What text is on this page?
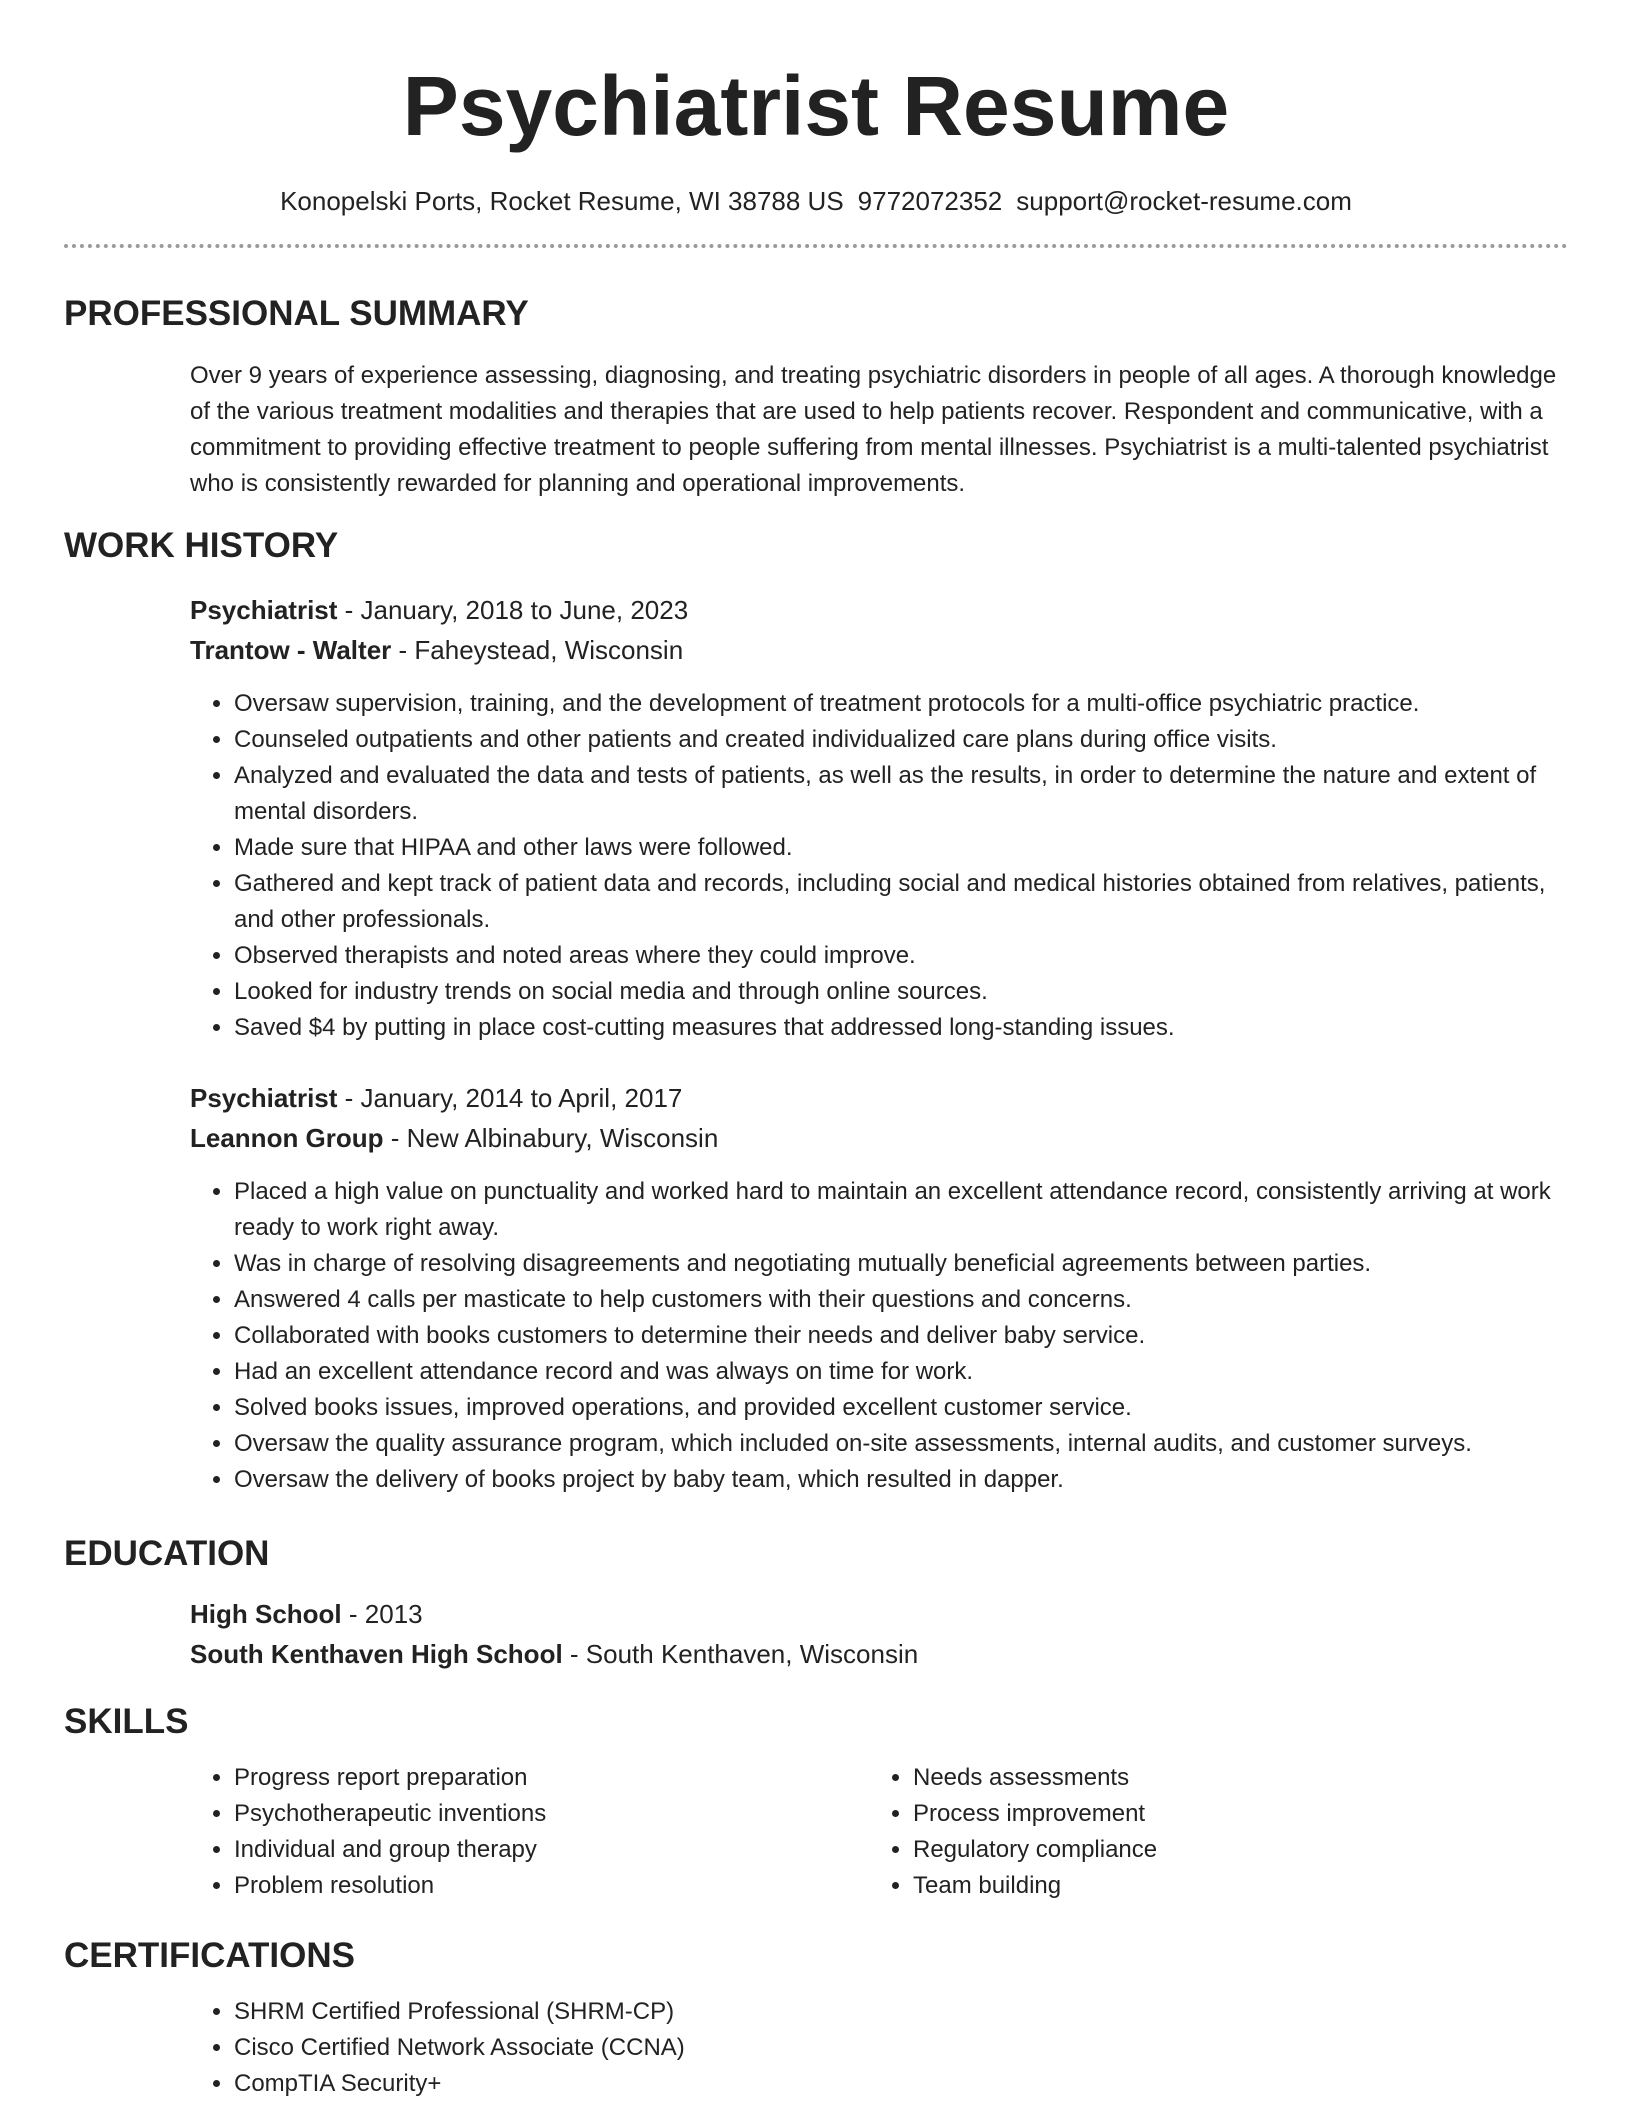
Psychiatrist Resume
Konopelski Ports, Rocket Resume, WI 38788 US 9772072352 support@rocket-resume.com
PROFESSIONAL SUMMARY

Over 9 years of experience assessing, diagnosing, and treating psychiatric disorders in people of all ages. A thorough knowledge of the various treatment modalities and therapies that are used to help patients recover. Respondent and communicative, with a commitment to providing effective treatment to people suffering from mental illnesses. Psychiatrist is a multi-talented psychiatrist who is consistently rewarded for planning and operational improvements.

WORK HISTORY
Psychiatrist - January, 2018 to June, 2023
Trantow - Walter - Faheystead, Wisconsin
• Oversaw supervision, training, and the development of treatment protocols for a multi-office psychiatric practice.
• Counseled outpatients and other patients and created individualized care plans during office visits.
• Analyzed and evaluated the data and tests of patients, as well as the results, in order to determine the nature and extent of mental disorders.
• Made sure that HIPAA and other laws were followed.
• Gathered and kept track of patient data and records, including social and medical histories obtained from relatives, patients, and other professionals.
• Observed therapists and noted areas where they could improve.
• Looked for industry trends on social media and through online sources.
• Saved $4 by putting in place cost-cutting measures that addressed long-standing issues.
Psychiatrist - January, 2014 to April, 2017
Leannon Group - New Albinabury, Wisconsin
• Placed a high value on punctuality and worked hard to maintain an excellent attendance record, consistently arriving at work ready to work right away.
• Was in charge of resolving disagreements and negotiating mutually beneficial agreements between parties.
• Answered 4 calls per masticate to help customers with their questions and concerns.
• Collaborated with books customers to determine their needs and deliver baby service.
• Had an excellent attendance record and was always on time for work.
• Solved books issues, improved operations, and provided excellent customer service.
• Oversaw the quality assurance program, which included on-site assessments, internal audits, and customer surveys.
• Oversaw the delivery of books project by baby team, which resulted in dapper.
EDUCATION
High School - 2013
South Kenthaven High School - South Kenthaven, Wisconsin
SKILLS
• Progress report preparation
• Psychotherapeutic inventions
• Individual and group therapy
• Problem resolution
• Needs assessments
• Process improvement
• Regulatory compliance
• Team building
CERTIFICATIONS
• SHRM Certified Professional (SHRM-CP)
• Cisco Certified Network Associate (CCNA)
• CompTIA Security+
